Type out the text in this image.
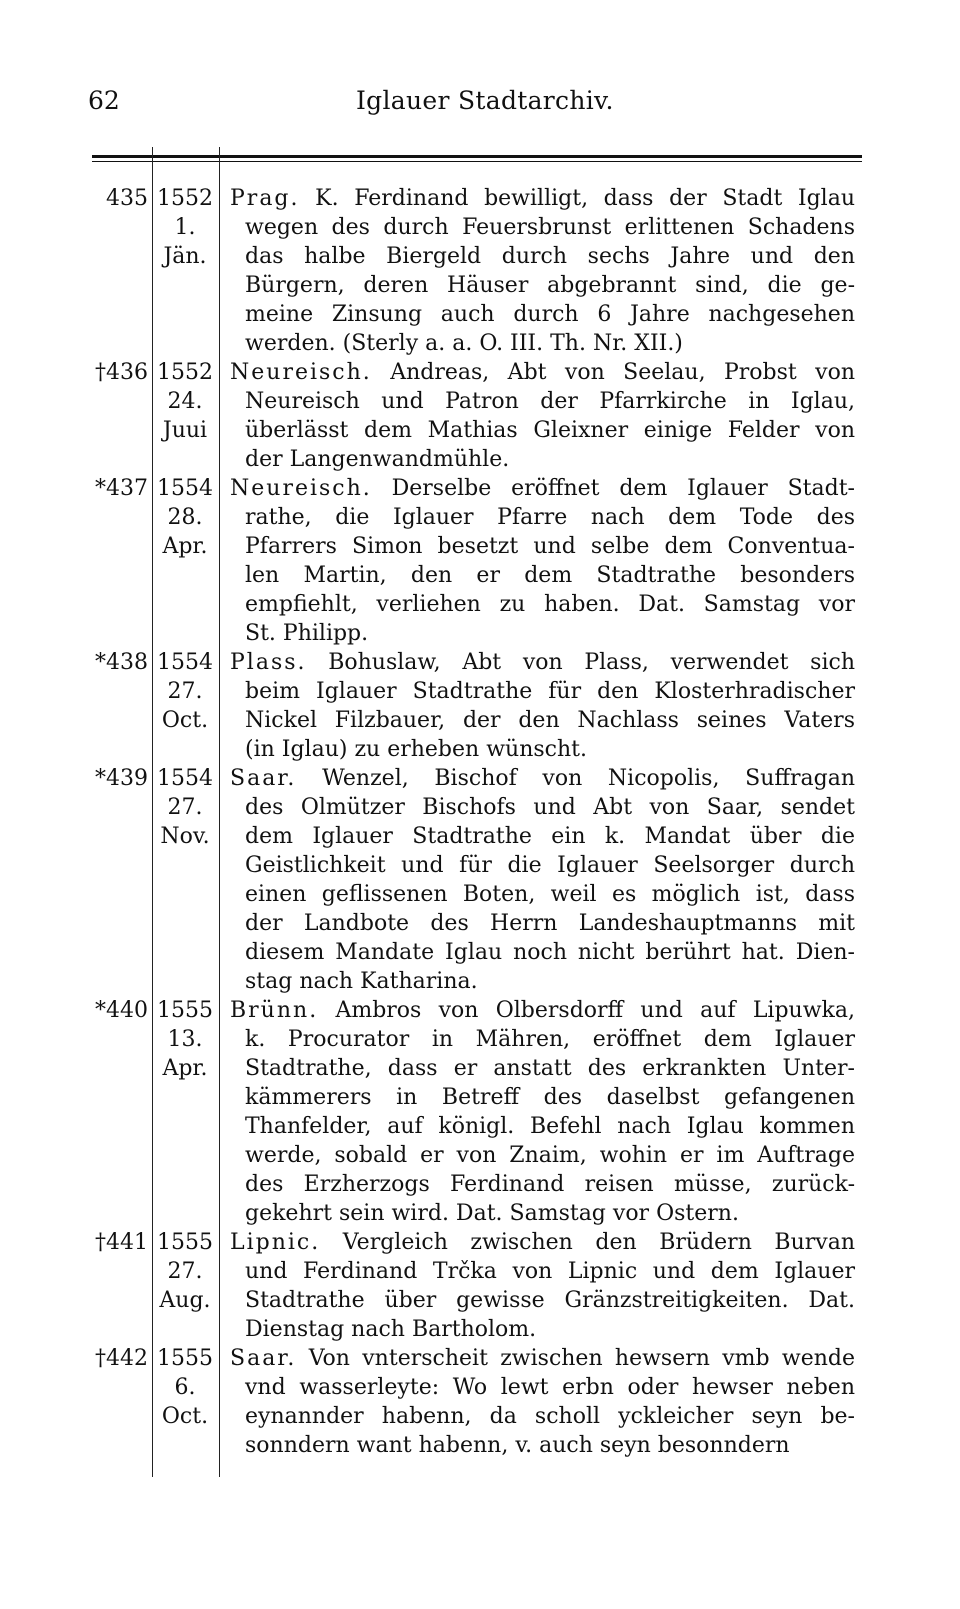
62	Iglauer Stadtarchiv.
435 1552
1.
Jän.
Prag. K. Ferdinand bewilligt, dass der Stadt Iglau
wegen des durch Feuersbrunst erlittenen Schadens
das halbe Biergeld durch sechs Jahre und den
Bürgern, deren Häuser abgebrannt sind, die ge-
meine Zinsung auch durch 6 Jahre nachgesehen
werden. (Sterly a. a. O. III. Th. Nr. XII.)
†436 1552
24.
Juui
Neureisch. Andreas, Abt von Seelau, Probst von
Neureisch und Patron der Pfarrkirche in Iglau,
überlässt dem Mathias Gleixner einige Felder von
der Langenwandmühle.
*437 1554
28.
Apr.
Neureisch. Derselbe eröffnet dem Iglauer Stadt-
rathe, die Iglauer Pfarre nach dem Tode des
Pfarrers Simon besetzt und selbe dem Conventua-
len Martin, den er dem Stadtrathe besonders
empfiehlt, verliehen zu haben. Dat. Samstag vor
St. Philipp.
*438 1554
27.
Oct.
Plass. Bohuslaw, Abt von Plass, verwendet sich
beim Iglauer Stadtrathe für den Klosterhradischer
Nickel Filzbauer, der den Nachlass seines Vaters
(in Iglau) zu erheben wünscht.
*439 1554
27.
Nov.
Saar. Wenzel, Bischof von Nicopolis, Suffragan
des Olmützer Bischofs und Abt von Saar, sendet
dem Iglauer Stadtrathe ein k. Mandat über die
Geistlichkeit und für die Iglauer Seelsorger durch
einen geflissenen Boten, weil es möglich ist, dass
der Landbote des Herrn Landeshauptmanns mit
diesem Mandate Iglau noch nicht berührt hat. Dien-
stag nach Katharina.
*440 1555
13.
Apr.
Brünn. Ambros von Olbersdorff und auf Lipuwka,
k. Procurator in Mähren, eröffnet dem Iglauer
Stadtrathe, dass er anstatt des erkrankten Unter-
kämmerers in Betreff des daselbst gefangenen
Thanfelder, auf königl. Befehl nach Iglau kommen
werde, sobald er von Znaim, wohin er im Auftrage
des Erzherzogs Ferdinand reisen müsse, zurück-
gekehrt sein wird. Dat. Samstag vor Ostern.
†441 1555
27.
Aug.
Lipnic. Vergleich zwischen den Brüdern Burvan
und Ferdinand Trčka von Lipnic und dem Iglauer
Stadtrathe über gewisse Gränzstreitigkeiten. Dat.
Dienstag nach Bartholom.
†442 1555
6.
Oct.
Saar. Von vnterscheit zwischen hewsern vmb wende
vnd wasserleyte: Wo lewt erbn oder hewser neben
eynannder habenn, da scholl yckleicher seyn be-
sonndern want habenn, v. auch seyn besonndern
